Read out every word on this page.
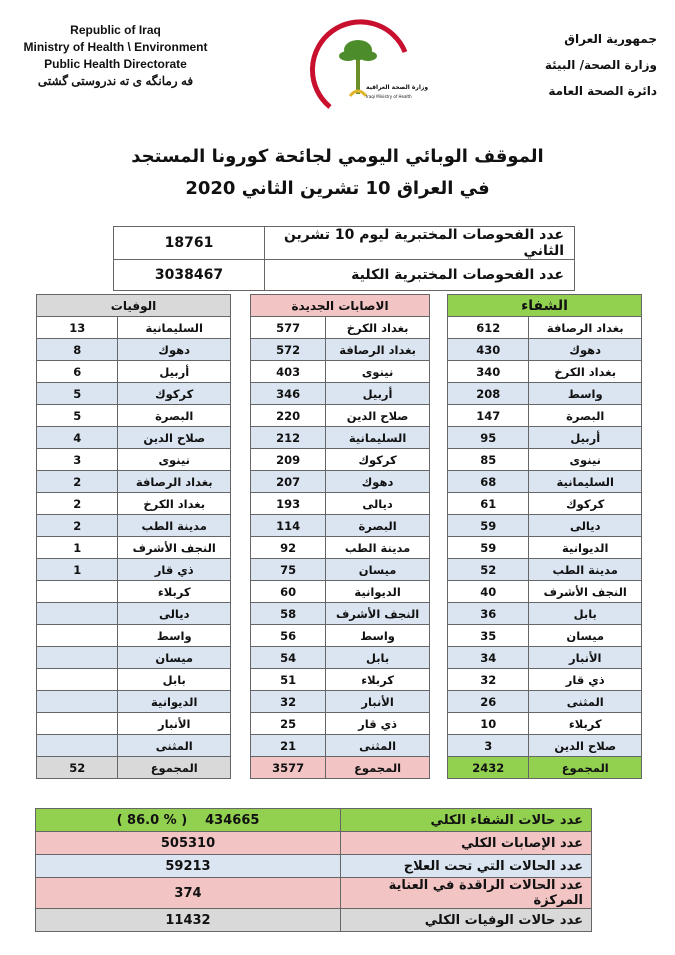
Republic of Iraq
Ministry of Health \ Environment
Public Health Directorate
فه رمانگه ی ته ندروستی گشتی	وزارة الصحة العراقية
Iraqi Ministry of Health
جمهورية العراق
وزارة الصحة/ البيئة
دائرة الصحة العامة
الموقف الوبائي اليومي لجائحة كورونا المستجد
في العراق 10 تشرين الثاني 2020
18761	عدد الفحوصات المختبرية ليوم 10 تشرين الثاني
3038467	عدد الفحوصات المختبرية الكلية
الوفيات	
13	السليمانية
8	دهوك
6	أربيل
5	كركوك
5	البصرة
4	صلاح الدين
3	نينوى
2	بغداد الرصافة
2	بغداد الكرخ
2	مدينة الطب
1	النجف الأشرف
1	ذي قار
	كربلاء
	ديالى
	واسط
	ميسان
	بابل
	الديوانية
	الأنبار
	المثنى
52	المجموع
الاصابات الجديدة	
577	بغداد الكرخ
572	بغداد الرصافة
403	نينوى
346	أربيل
220	صلاح الدين
212	السليمانية
209	كركوك
207	دهوك
193	ديالى
114	البصرة
92	مدينة الطب
75	ميسان
60	الديوانية
58	النجف الأشرف
56	واسط
54	بابل
51	كربلاء
32	الأنبار
25	ذي قار
21	المثنى
3577	المجموع
الشفاء	
612	بغداد الرصافة
430	دهوك
340	بغداد الكرخ
208	واسط
147	البصرة
95	أربيل
85	نينوى
68	السليمانية
61	كركوك
59	ديالى
59	الديوانية
52	مدينة الطب
40	النجف الأشرف
36	بابل
35	ميسان
34	الأنبار
32	ذي قار
26	المثنى
10	كربلاء
3	صلاح الدين
2432	المجموع
( 86.0 % ) 434665	عدد حالات الشفاء الكلي
505310	عدد الإصابات الكلي
59213	عدد الحالات التي تحت العلاج
374	عدد الحالات الراقدة في العناية المركزة
11432	عدد حالات الوفيات الكلي
